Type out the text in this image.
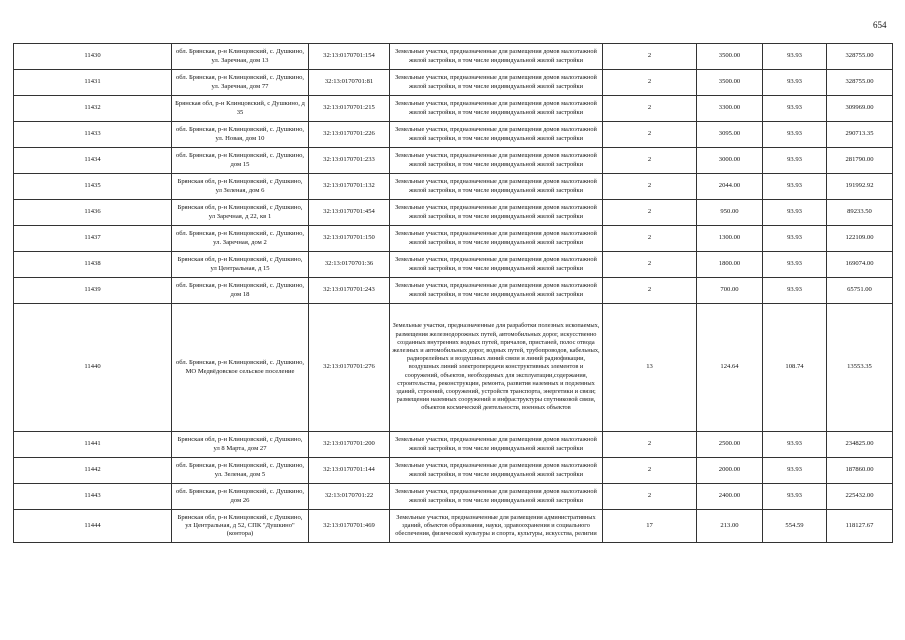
654
11430	обл. Брянская, р-н Клинцовский, с. Душкино, ул. Заречная, дом 13	32:13:0170701:154	Земельные участки, предназначенные для размещения домов малоэтажной жилой застройки, в том числе индивидуальной жилой застройки	2	3500.00	93.93	328755.00
11431	обл. Брянская, р-н Клинцовский, с. Душкино, ул. Заречная, дом 77	32:13:0170701:81	Земельные участки, предназначенные для размещения домов малоэтажной жилой застройки, в том числе индивидуальной жилой застройки	2	3500.00	93.93	328755.00
11432	Брянская обл, р-н Клинцовский, с Душкино, д 35	32:13:0170701:215	Земельные участки, предназначенные для размещения домов малоэтажной жилой застройки, в том числе индивидуальной жилой застройки	2	3300.00	93.93	309969.00
11433	обл. Брянская, р-н Клинцовский, с. Душкино, ул. Новая, дом 10	32:13:0170701:226	Земельные участки, предназначенные для размещения домов малоэтажной жилой застройки, в том числе индивидуальной жилой застройки	2	3095.00	93.93	290713.35
11434	обл. Брянская, р-н Клинцовский, с. Душкино, дом 15	32:13:0170701:233	Земельные участки, предназначенные для размещения домов малоэтажной жилой застройки, в том числе индивидуальной жилой застройки	2	3000.00	93.93	281790.00
11435	Брянская обл, р-н Клинцовский, с Душкино, ул Зеленая, дом 6	32:13:0170701:132	Земельные участки, предназначенные для размещения домов малоэтажной жилой застройки, в том числе индивидуальной жилой застройки	2	2044.00	93.93	191992.92
11436	Брянская обл, р-н Клинцовский, с Душкино, ул Заречная, д 22, кв 1	32:13:0170701:454	Земельные участки, предназначенные для размещения домов малоэтажной жилой застройки, в том числе индивидуальной жилой застройки	2	950.00	93.93	89233.50
11437	обл. Брянская, р-н Клинцовский, с. Душкино, ул. Заречная, дом 2	32:13:0170701:150	Земельные участки, предназначенные для размещения домов малоэтажной жилой застройки, в том числе индивидуальной жилой застройки	2	1300.00	93.93	122109.00
11438	Брянская обл, р-н Клинцовский, с Душкино, ул Центральная, д 15	32:13:0170701:36	Земельные участки, предназначенные для размещения домов малоэтажной жилой застройки, в том числе индивидуальной жилой застройки	2	1800.00	93.93	169074.00
11439	обл. Брянская, р-н Клинцовский, с. Душкино, дом 18	32:13:0170701:243	Земельные участки, предназначенные для размещения домов малоэтажной жилой застройки, в том числе индивидуальной жилой застройки	2	700.00	93.93	65751.00
11440	обл. Брянская, р-н Клинцовский, с. Душкино, МО Медвёдовское сельское поселение	32:13:0170701:276	Земельные участки, предназначенные для разработки полезных ископаемых, размещения железнодорожных путей, автомобильных дорог, искусственно созданных внутренних водных путей, причалов, пристаней, полос отвода железных и автомобильных дорог, водных путей, трубопроводов, кабельных, радиорелейных и воздушных линий связи и линий радиофикации, воздушных линий электропередачи конструктивных элементов и сооружений, объектов, необходимых для эксплуатации,содержания, строительства, реконструкции, ремонта, развития наземных и подземных зданий, строений, сооружений, устройств транспорта, энергетики и связи; размещения наземных сооружений и инфраструктуры спутниковой связи, объектов космической деятельности, военных объектов	13	124.64	108.74	13553.35
11441	Брянская обл, р-н Клинцовский, с Душкино, ул 8 Марта, дом 27	32:13:0170701:200	Земельные участки, предназначенные для размещения домов малоэтажной жилой застройки, в том числе индивидуальной жилой застройки	2	2500.00	93.93	234825.00
11442	обл. Брянская, р-н Клинцовский, с. Душкино, ул. Зеленая, дом 5	32:13:0170701:144	Земельные участки, предназначенные для размещения домов малоэтажной жилой застройки, в том числе индивидуальной жилой застройки	2	2000.00	93.93	187860.00
11443	обл. Брянская, р-н Клинцовский, с. Душкино, дом 26	32:13:0170701:22	Земельные участки, предназначенные для размещения домов малоэтажной жилой застройки, в том числе индивидуальной жилой застройки	2	2400.00	93.93	225432.00
11444	Брянская обл, р-н Клинцовский, с Душкино, ул Центральная, д 52, СПК "Душкино" (контора)	32:13:0170701:469	Земельные участки, предназначенные для размещения административных зданий, объектов образования, науки, здравоохранения и социального обеспечения, физической культуры и спорта, культуры, искусства, религии	17	213.00	554.59	118127.67
